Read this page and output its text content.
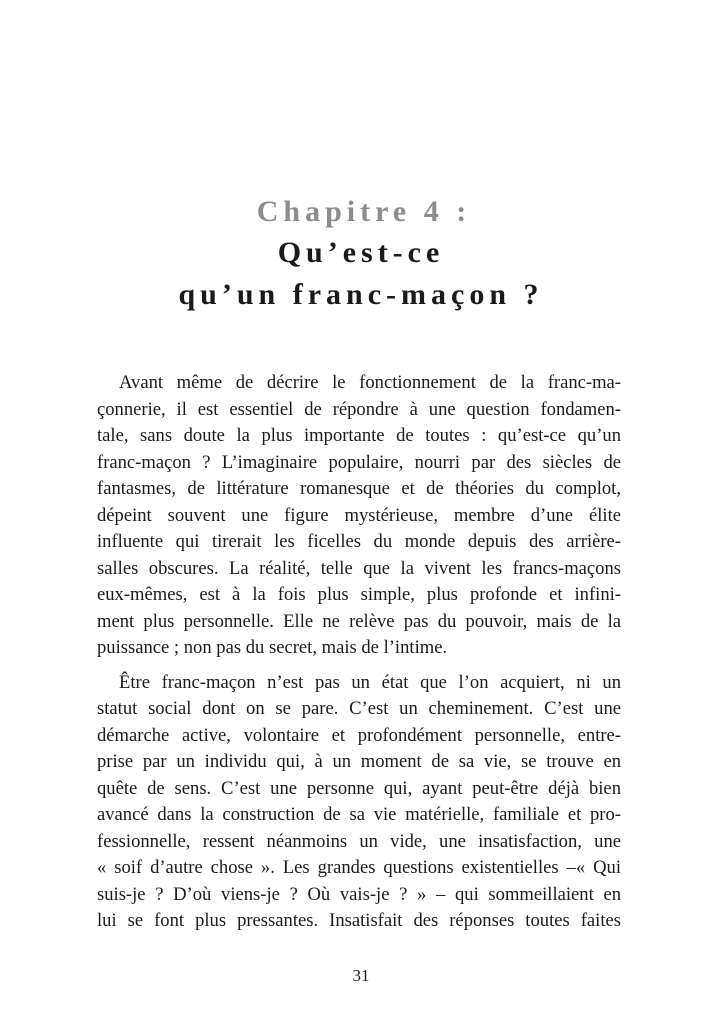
Chapitre 4 :
Qu’est-ce
qu’un franc-maçon ?
Avant même de décrire le fonctionnement de la franc-ma-
çonnerie, il est essentiel de répondre à une question fondamen-
tale, sans doute la plus importante de toutes : qu’est-ce qu’un
franc-maçon ? L’imaginaire populaire, nourri par des siècles de
fantasmes, de littérature romanesque et de théories du complot,
dépeint souvent une figure mystérieuse, membre d’une élite
influente qui tirerait les ficelles du monde depuis des arrière-
salles obscures. La réalité, telle que la vivent les francs-maçons
eux-mêmes, est à la fois plus simple, plus profonde et infini-
ment plus personnelle. Elle ne relève pas du pouvoir, mais de la
puissance ; non pas du secret, mais de l’intime.
Être franc-maçon n’est pas un état que l’on acquiert, ni un
statut social dont on se pare. C’est un cheminement. C’est une
démarche active, volontaire et profondément personnelle, entre-
prise par un individu qui, à un moment de sa vie, se trouve en
quête de sens. C’est une personne qui, ayant peut-être déjà bien
avancé dans la construction de sa vie matérielle, familiale et pro-
fessionnelle, ressent néanmoins un vide, une insatisfaction, une
« soif d’autre chose ». Les grandes questions existentielles –« Qui
suis-je ? D’où viens-je ? Où vais-je ? » – qui sommeillaient en
lui se font plus pressantes. Insatisfait des réponses toutes faites
31
